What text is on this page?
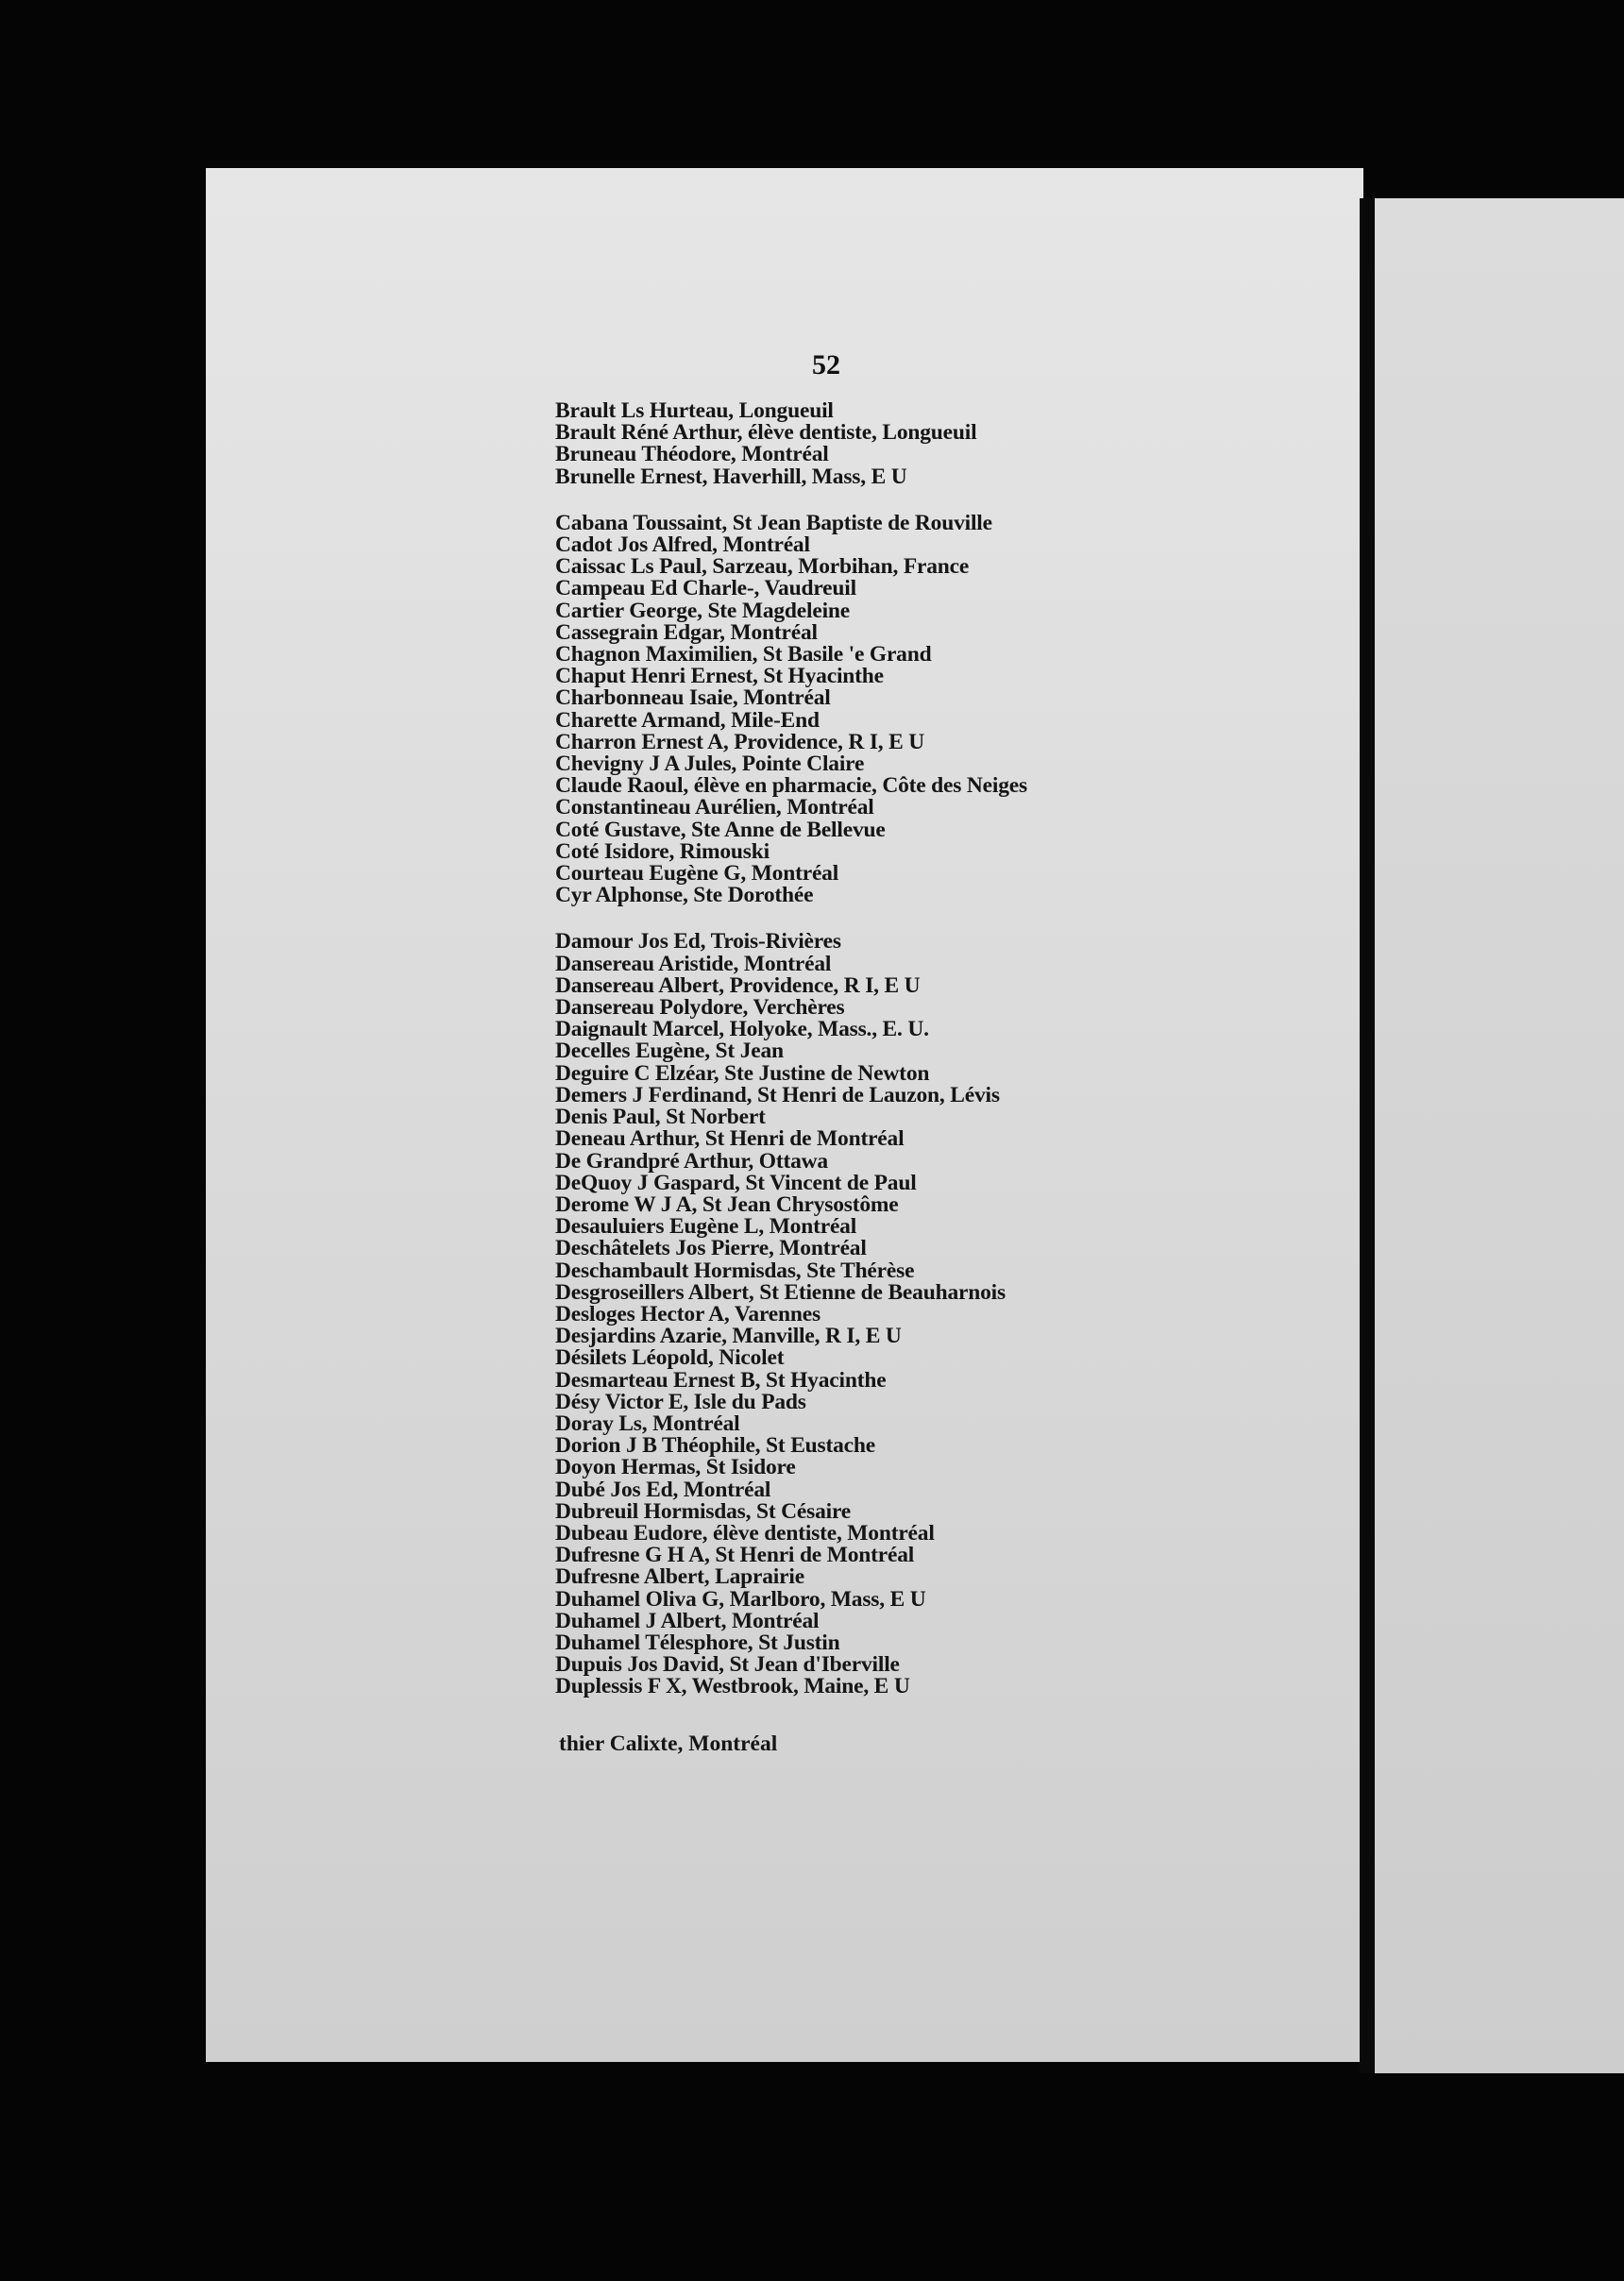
52
Brault Ls Hurteau, Longueuil
Brault Réné Arthur, élève dentiste, Longueuil
Bruneau Théodore, Montréal
Brunelle Ernest, Haverhill, Mass, E U
Cabana Toussaint, St Jean Baptiste de Rouville
Cadot Jos Alfred, Montréal
Caissac Ls Paul, Sarzeau, Morbihan, France
Campeau Ed Charle-, Vaudreuil
Cartier George, Ste Magdeleine
Cassegrain Edgar, Montréal
Chagnon Maximilien, St Basile 'e Grand
Chaput Henri Ernest, St Hyacinthe
Charbonneau Isaie, Montréal
Charette Armand, Mile-End
Charron Ernest A, Providence, R I, E U
Chevigny J A Jules, Pointe Claire
Claude Raoul, élève en pharmacie, Côte des Neiges
Constantineau Aurélien, Montréal
Coté Gustave, Ste Anne de Bellevue
Coté Isidore, Rimouski
Courteau Eugène G, Montréal
Cyr Alphonse, Ste Dorothée
Damour Jos Ed, Trois-Rivières
Dansereau Aristide, Montréal
Dansereau Albert, Providence, R I, E U
Dansereau Polydore, Verchères
Daignault Marcel, Holyoke, Mass., E. U.
Decelles Eugène, St Jean
Deguire C Elzéar, Ste Justine de Newton
Demers J Ferdinand, St Henri de Lauzon, Lévis
Denis Paul, St Norbert
Deneau Arthur, St Henri de Montréal
De Grandpré Arthur, Ottawa
DeQuoy J Gaspard, St Vincent de Paul
Derome W J A, St Jean Chrysostôme
Desauluiers Eugène L, Montréal
Deschâtelets Jos Pierre, Montréal
Deschambault Hormisdas, Ste Thérèse
Desgroseillers Albert, St Etienne de Beauharnois
Desloges Hector A, Varennes
Desjardins Azarie, Manville, R I, E U
Désilets Léopold, Nicolet
Desmarteau Ernest B, St Hyacinthe
Désy Victor E, Isle du Pads
Doray Ls, Montréal
Dorion J B Théophile, St Eustache
Doyon Hermas, St Isidore
Dubé Jos Ed, Montréal
Dubreuil Hormisdas, St Césaire
Dubeau Eudore, élève dentiste, Montréal
Dufresne G H A, St Henri de Montréal
Dufresne Albert, Laprairie
Duhamel Oliva G, Marlboro, Mass, E U
Duhamel J Albert, Montréal
Duhamel Télesphore, St Justin
Dupuis Jos David, St Jean d'Iberville
Duplessis F X, Westbrook, Maine, E U
thier Calixte, Montréal
